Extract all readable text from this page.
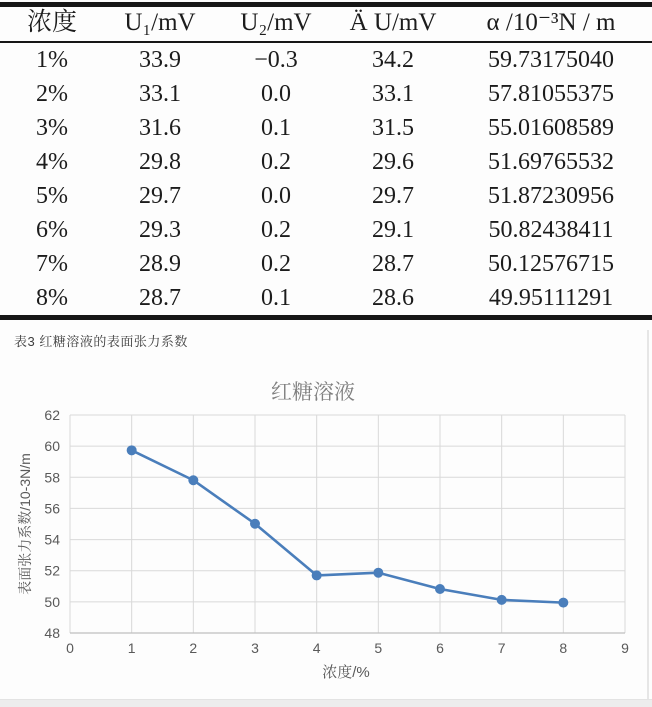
浓度	U₁/mV	U₂/mV	Ä U/mV	α /10⁻³N / m
1%	33.9	−0.3	34.2	59.73175040
2%	33.1	0.0	33.1	57.81055375
3%	31.6	0.1	31.5	55.01608589
4%	29.8	0.2	29.6	51.69765532
5%	29.7	0.0	29.7	51.87230956
6%	29.3	0.2	29.1	50.82438411
7%	28.9	0.2	28.7	50.12576715
8%	28.7	0.1	28.6	49.95111291
表3 红糖溶液的表面张力系数
48
50
52
54
56
58
60
62
0	1	2	3	4	5	6	7	8	9
红糖溶液
表面张力系数/10-3N/m
浓度/%
